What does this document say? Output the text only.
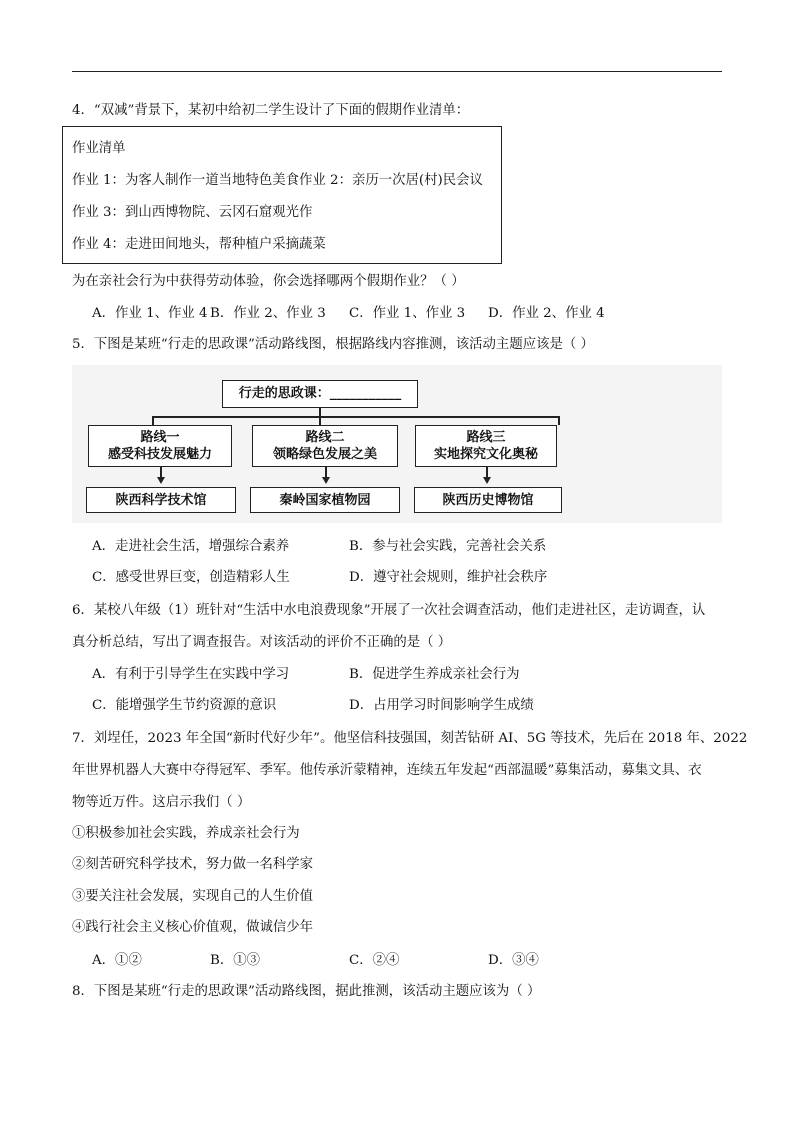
4．“双减”背景下，某初中给初二学生设计了下面的假期作业清单：
作业清单
作业 1：为客人制作一道当地特色美食作业 2：亲历一次居(村)民会议
作业 3：到山西博物院、云冈石窟观光作
作业 4：走进田间地头，帮种植户采摘蔬菜
为在亲社会行为中获得劳动体验，你会选择哪两个假期作业？（ ）
A．作业 1、作业 4 B．作业 2、作业 3 C．作业 1、作业 3 D．作业 2、作业 4
5．下图是某班“行走的思政课”活动路线图，根据路线内容推测，该活动主题应该是（ ）
行走的思政课：___________
路线一
感受科技发展魅力
路线二
领略绿色发展之美
路线三
实地探究文化奥秘
陕西科学技术馆	秦岭国家植物园	陕西历史博物馆
A．走进社会生活，增强综合素养	B．参与社会实践，完善社会关系
C．感受世界巨变，创造精彩人生	D．遵守社会规则，维护社会秩序
6．某校八年级（1）班针对“生活中水电浪费现象”开展了一次社会调查活动，他们走进社区，走访调查，认
真分析总结，写出了调查报告。对该活动的评价不正确的是（ ）
A．有利于引导学生在实践中学习	B．促进学生养成亲社会行为
C．能增强学生节约资源的意识	D．占用学习时间影响学生成绩
7．刘埕任，2023 年全国“新时代好少年”。他坚信科技强国，刻苦钻研 AI、5G 等技术，先后在 2018 年、2022
年世界机器人大赛中夺得冠军、季军。他传承沂蒙精神，连续五年发起“西部温暖”募集活动，募集文具、衣
物等近万件。这启示我们（ ）
①积极参加社会实践，养成亲社会行为
②刻苦研究科学技术，努力做一名科学家
③要关注社会发展，实现自己的人生价值
④践行社会主义核心价值观，做诚信少年
A．①②	B．①③	C．②④	D．③④
8．下图是某班“行走的思政课”活动路线图，据此推测，该活动主题应该为（ ）
